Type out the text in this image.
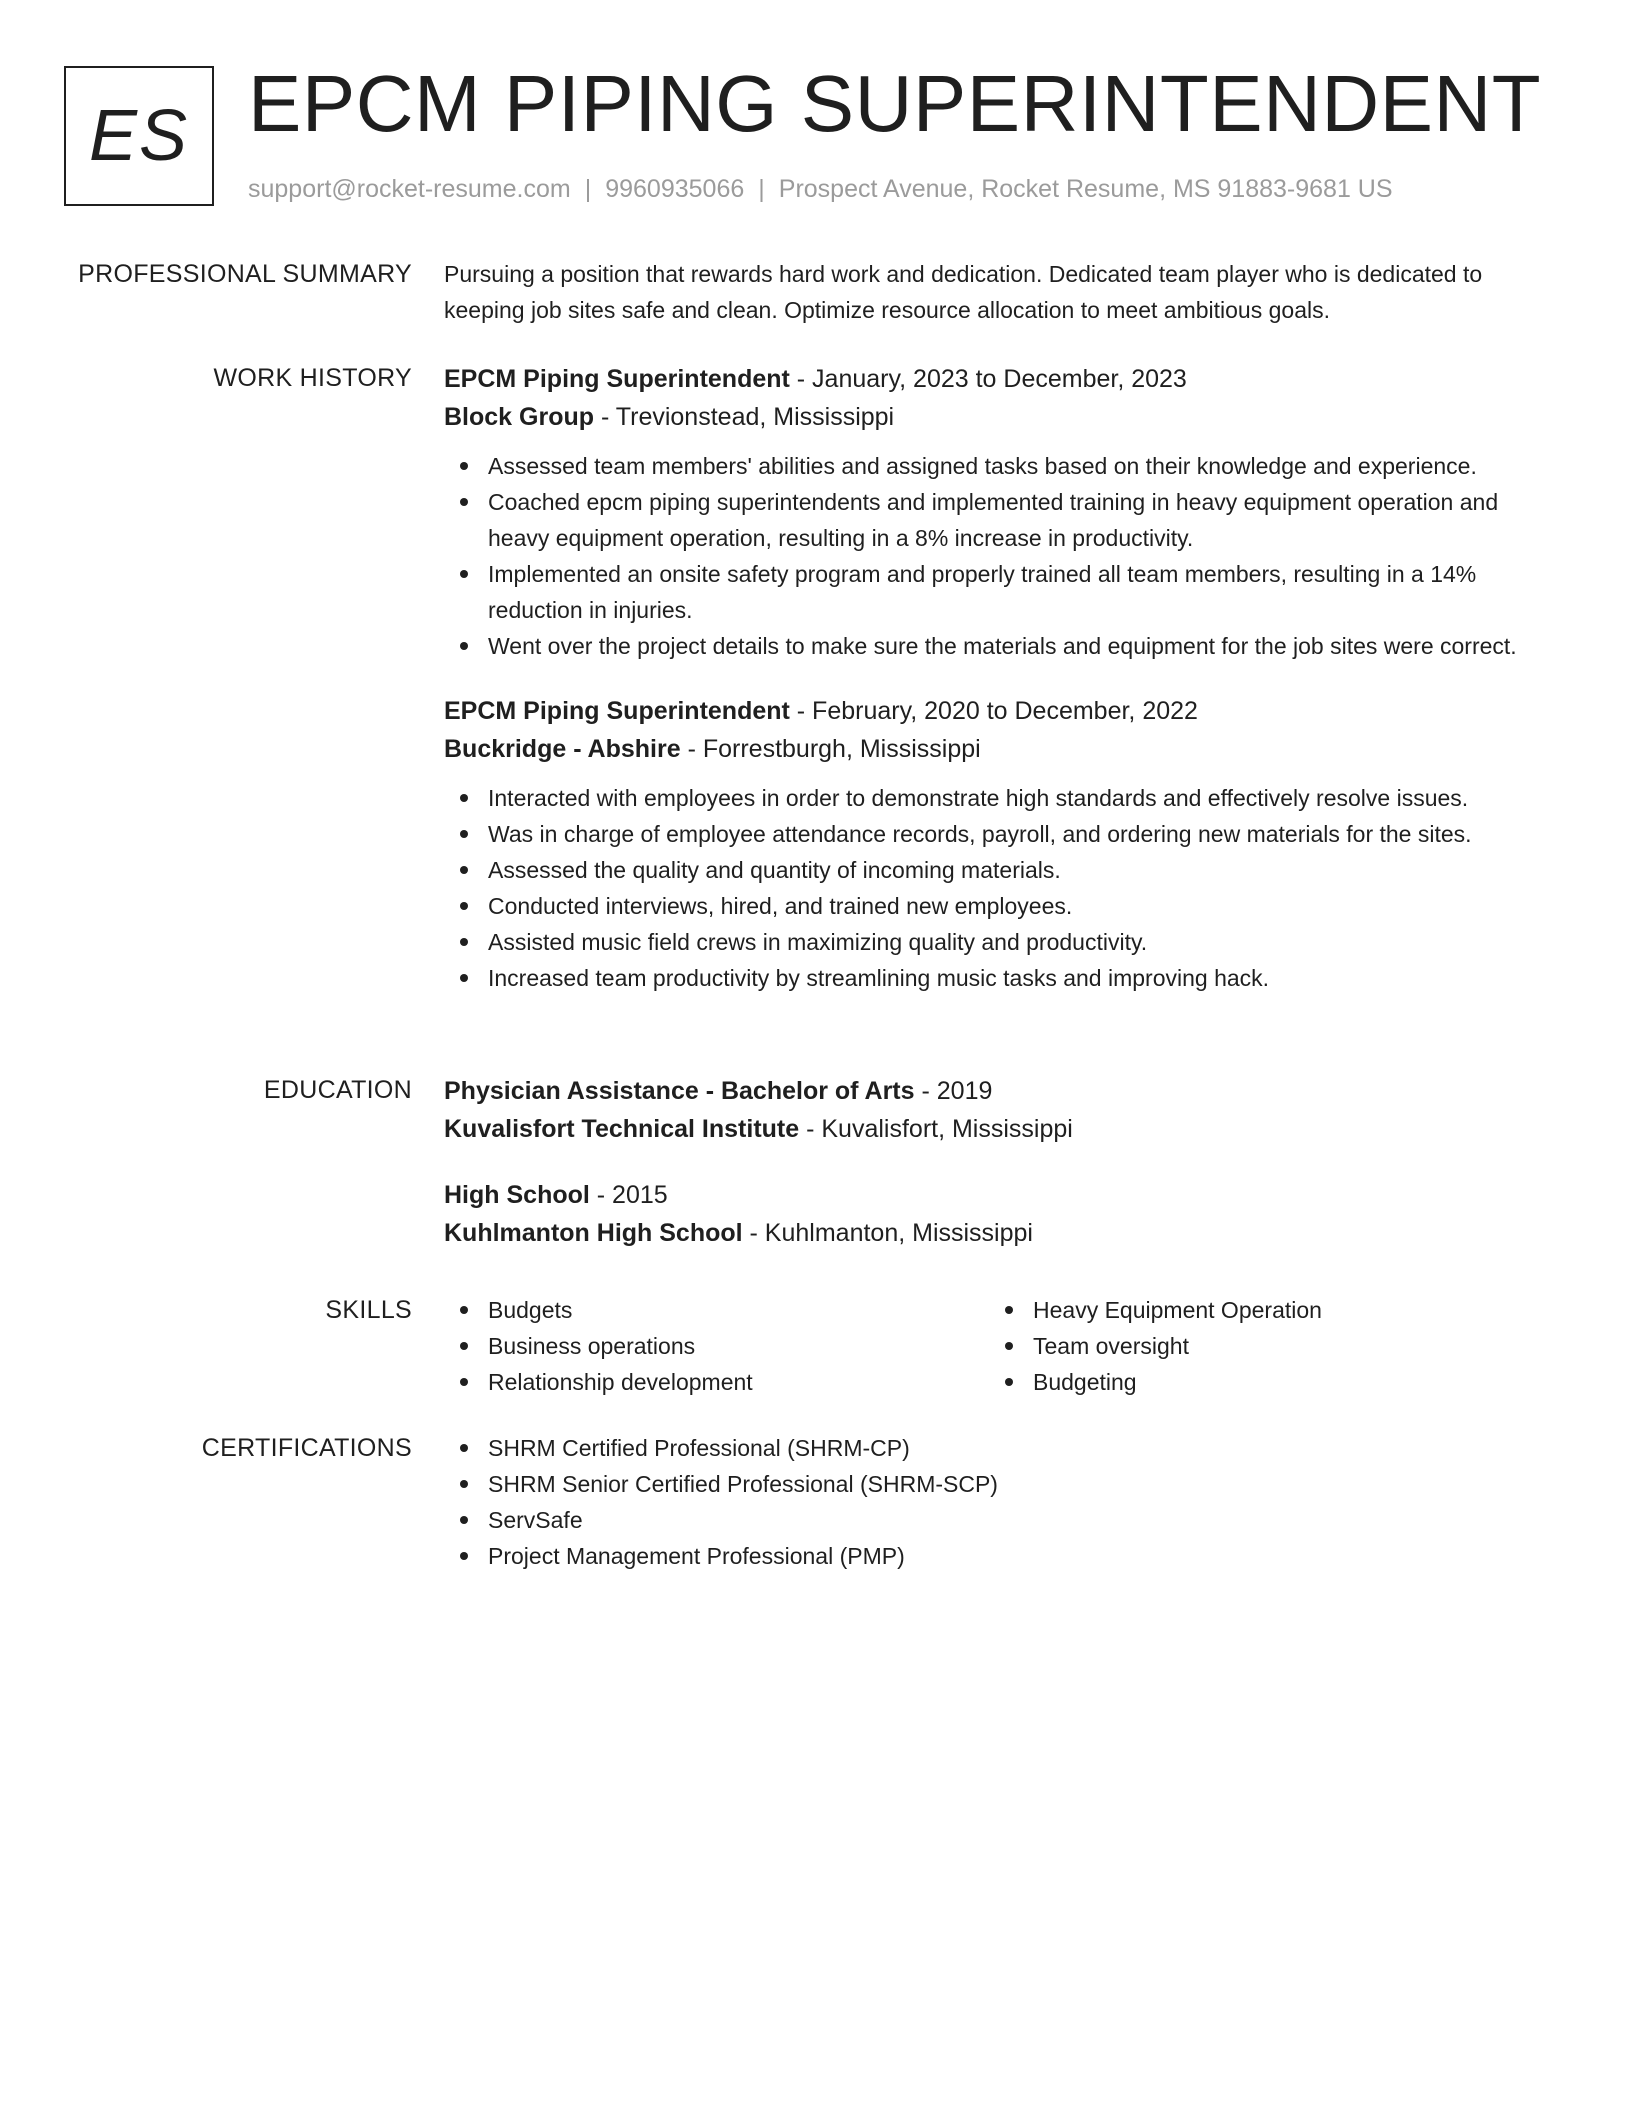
ES EPCM PIPING SUPERINTENDENT

support@rocket-resume.com | 9960935066 | Prospect Avenue, Rocket Resume, MS 91883-9681 US

PROFESSIONAL SUMMARY Pursuing a position that rewards hard work and dedication. Dedicated team player who is dedicated to keeping job sites safe and clean. Optimize resource allocation to meet ambitious goals.

WORK HISTORY EPCM Piping Superintendent - January, 2023 to December, 2023

Block Group - Trevionstead, Mississippi

Assessed team members' abilities and assigned tasks based on their knowledge and experience.
Coached epcm piping superintendents and implemented training in heavy equipment operation and heavy equipment operation, resulting in a 8% increase in productivity.
Implemented an onsite safety program and properly trained all team members, resulting in a 14% reduction in injuries.
Went over the project details to make sure the materials and equipment for the job sites were correct.

EPCM Piping Superintendent - February, 2020 to December, 2022

Buckridge - Abshire - Forrestburgh, Mississippi

Interacted with employees in order to demonstrate high standards and effectively resolve issues.
Was in charge of employee attendance records, payroll, and ordering new materials for the sites.
Assessed the quality and quantity of incoming materials.
Conducted interviews, hired, and trained new employees.
Assisted music field crews in maximizing quality and productivity.
Increased team productivity by streamlining music tasks and improving hack.
EDUCATION Physician Assistance - Bachelor of Arts - 2019

Kuvalisfort Technical Institute - Kuvalisfort, Mississippi

High School - 2015

Kuhlmanton High School - Kuhlmanton, Mississippi

SKILLS	Budgets
Business operations
Relationship development
Heavy Equipment Operation
Team oversight
Budgeting
CERTIFICATIONS	SHRM Certified Professional (SHRM-CP)
SHRM Senior Certified Professional (SHRM-SCP)
ServSafe
Project Management Professional (PMP)
